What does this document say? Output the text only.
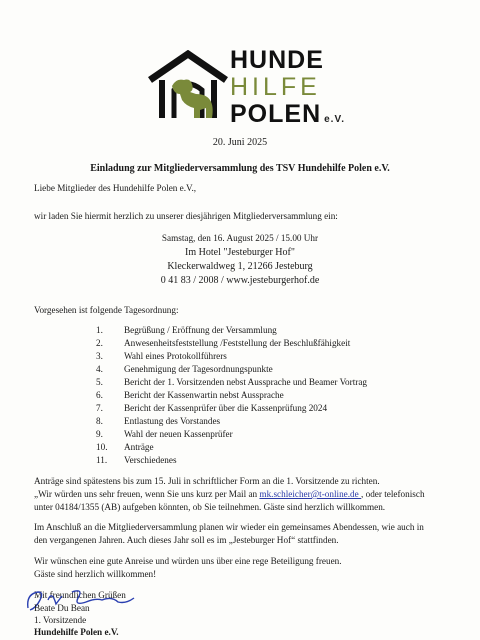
HUNDE
HILFE
POLEN e.V.
20. Juni 2025
Einladung zur Mitgliederversammlung des TSV Hundehilfe Polen e.V.
Liebe Mitglieder des Hundehilfe Polen e.V.,
wir laden Sie hiermit herzlich zu unserer diesjährigen Mitgliederversammlung ein:
Samstag, den 16. August 2025 / 15.00 Uhr
Im Hotel "Jesteburger Hof"
Kleckerwaldweg 1, 21266 Jesteburg
0 41 83 / 2008 / www.jesteburgerhof.de
Vorgesehen ist folgende Tagesordnung:
1. Begrüßung / Eröffnung der Versammlung
2. Anwesenheitsfeststellung /Feststellung der Beschlußfähigkeit
3. Wahl eines Protokollführers
4. Genehmigung der Tagesordnungspunkte
5. Bericht der 1. Vorsitzenden nebst Aussprache und Beamer Vortrag
6. Bericht der Kassenwartin nebst Aussprache
7. Bericht der Kassenprüfer über die Kassenprüfung 2024
8. Entlastung des Vorstandes
9. Wahl der neuen Kassenprüfer
10. Anträge
11. Verschiedenes
Anträge sind spätestens bis zum 15. Juli in schriftlicher Form an die 1. Vorsitzende zu richten.
„Wir würden uns sehr freuen, wenn Sie uns kurz per Mail an mk.schleicher@t-online.de , oder telefonisch
unter 04184/1355 (AB) aufgeben könnten, ob Sie teilnehmen. Gäste sind herzlich willkommen.
Im Anschluß an die Mitgliederversammlung planen wir wieder ein gemeinsames Abendessen, wie auch in
den vergangenen Jahren. Auch dieses Jahr soll es im „Jesteburger Hof“ stattfinden.
Wir wünschen eine gute Anreise und würden uns über eine rege Beteiligung freuen.
Gäste sind herzlich willkommen!
Mit freundlichen Grüßen
Beate Du Bean
1. Vorsitzende
Hundehilfe Polen e.V.
